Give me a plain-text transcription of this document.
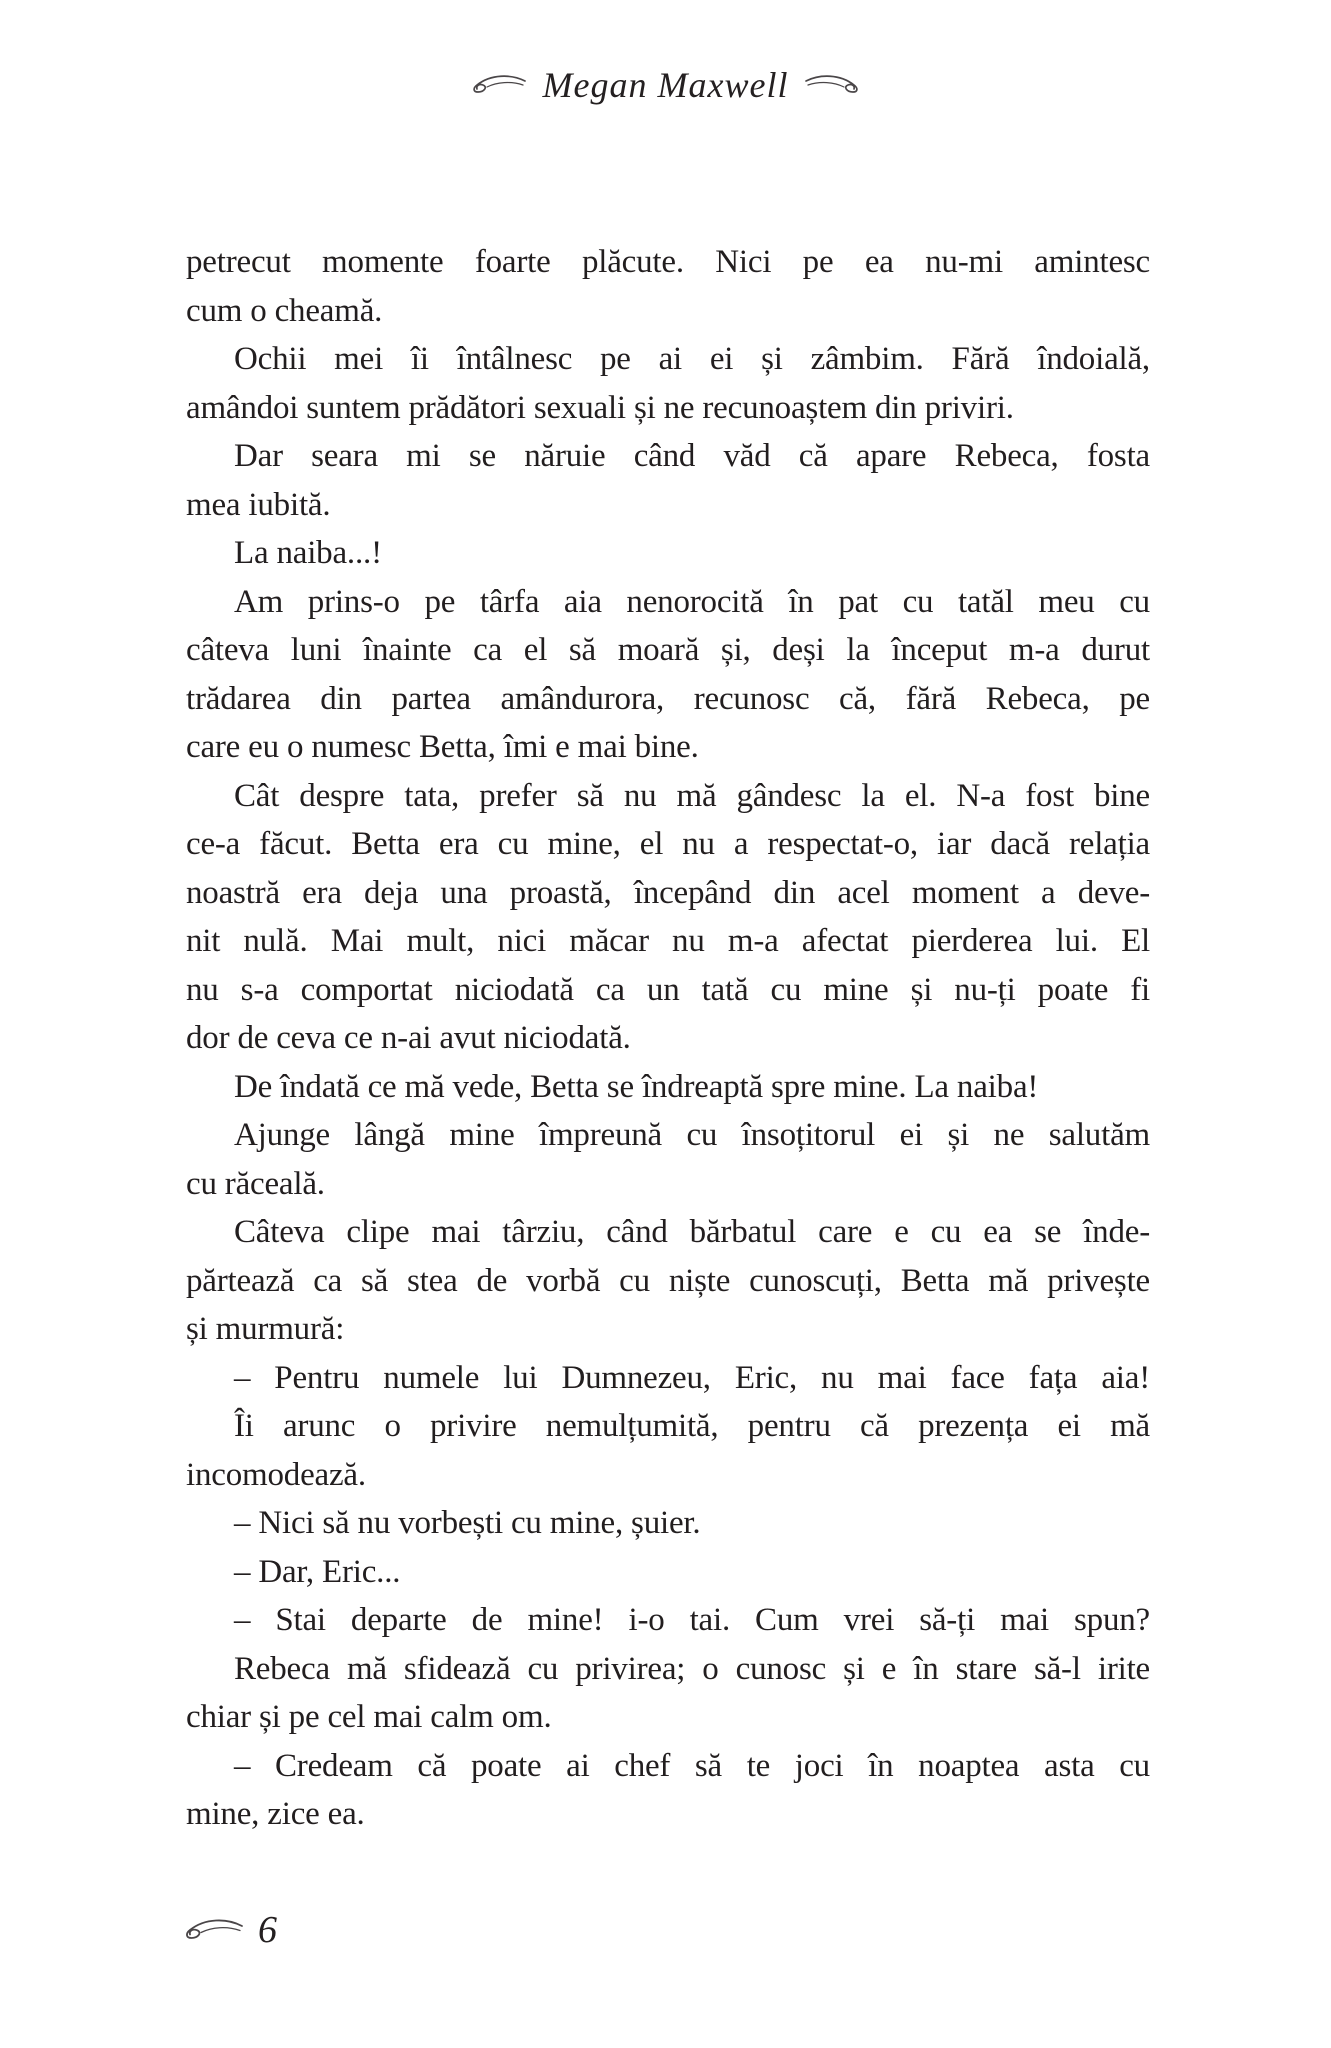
Megan Maxwell
petrecut momente foarte plăcute. Nici pe ea nu-mi amintesc
cum o cheamă.
Ochii mei îi întâlnesc pe ai ei și zâmbim. Fără îndoială,
amândoi suntem prădători sexuali și ne recunoaștem din priviri.
Dar seara mi se năruie când văd că apare Rebeca, fosta
mea iubită.
La naiba...!
Am prins-o pe târfa aia nenorocită în pat cu tatăl meu cu
câteva luni înainte ca el să moară și, deși la început m-a durut
trădarea din partea amândurora, recunosc că, fără Rebeca, pe
care eu o numesc Betta, îmi e mai bine.
Cât despre tata, prefer să nu mă gândesc la el. N-a fost bine
ce-a făcut. Betta era cu mine, el nu a respectat-o, iar dacă relația
noastră era deja una proastă, începând din acel moment a deve-
nit nulă. Mai mult, nici măcar nu m-a afectat pierderea lui. El
nu s-a comportat niciodată ca un tată cu mine și nu-ți poate fi
dor de ceva ce n-ai avut niciodată.
De îndată ce mă vede, Betta se îndreaptă spre mine. La naiba!
Ajunge lângă mine împreună cu însoțitorul ei și ne salutăm
cu răceală.
Câteva clipe mai târziu, când bărbatul care e cu ea se înde-
părtează ca să stea de vorbă cu niște cunoscuți, Betta mă privește
și murmură:
– Pentru numele lui Dumnezeu, Eric, nu mai face fața aia!
Îi arunc o privire nemulțumită, pentru că prezența ei mă
incomodează.
– Nici să nu vorbești cu mine, șuier.
– Dar, Eric...
– Stai departe de mine! i-o tai. Cum vrei să-ți mai spun?
Rebeca mă sfidează cu privirea; o cunosc și e în stare să-l irite
chiar și pe cel mai calm om.
– Credeam că poate ai chef să te joci în noaptea asta cu
mine, zice ea.
6
